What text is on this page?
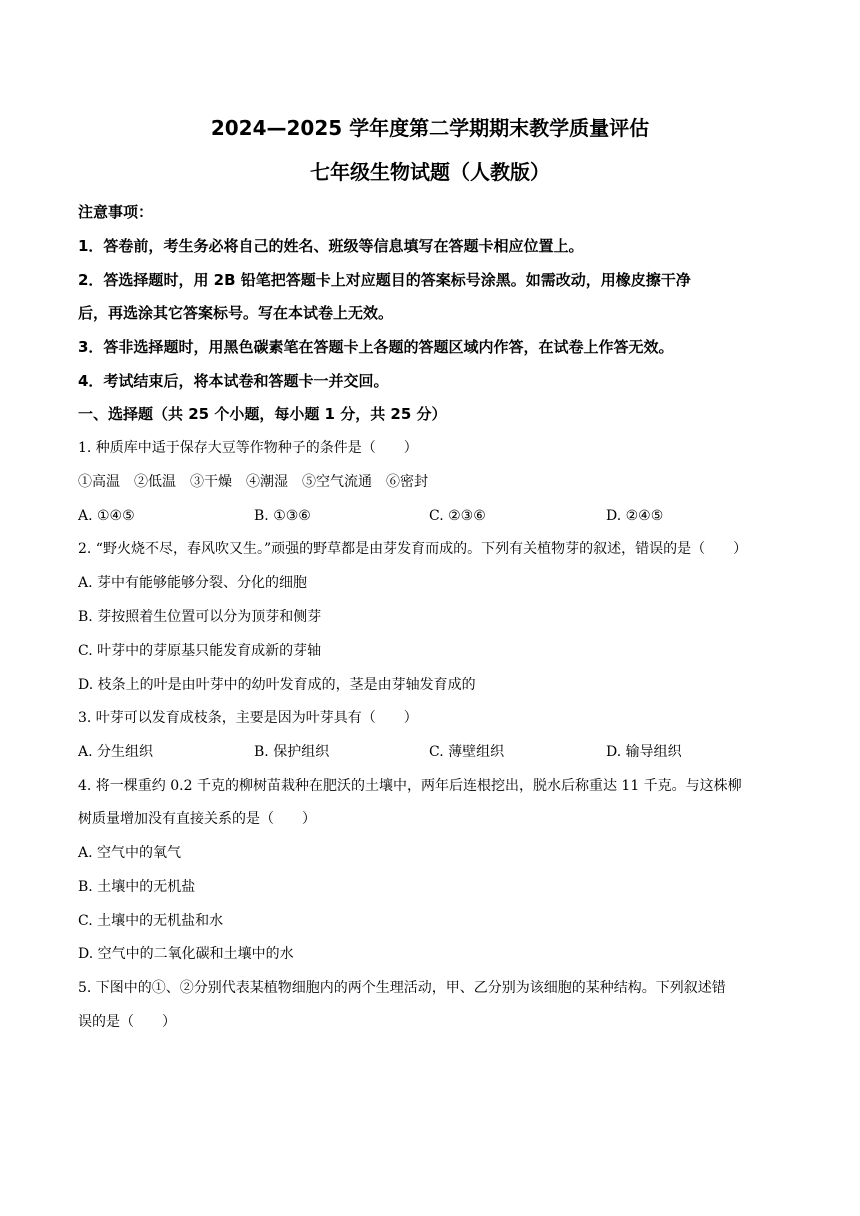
2024—2025 学年度第二学期期末教学质量评估
七年级生物试题（人教版）
注意事项：
1．答卷前，考生务必将自己的姓名、班级等信息填写在答题卡相应位置上。
2．答选择题时，用 2B 铅笔把答题卡上对应题目的答案标号涂黑。如需改动，用橡皮擦干净
后，再选涂其它答案标号。写在本试卷上无效。
3．答非选择题时，用黑色碳素笔在答题卡上各题的答题区域内作答，在试卷上作答无效。
4．考试结束后，将本试卷和答题卡一并交回。
一、选择题（共 25 个小题，每小题 1 分，共 25 分）
1. 种质库中适于保存大豆等作物种子的条件是（　　）
①高温　②低温　③干燥　④潮湿　⑤空气流通　⑥密封
A. ①④⑤	B. ①③⑥	C. ②③⑥	D. ②④⑤
2. “野火烧不尽，春风吹又生。”顽强的野草都是由芽发育而成的。下列有关植物芽的叙述，错误的是（　　）
A. 芽中有能够能够分裂、分化的细胞
B. 芽按照着生位置可以分为顶芽和侧芽
C. 叶芽中的芽原基只能发育成新的芽轴
D. 枝条上的叶是由叶芽中的幼叶发育成的，茎是由芽轴发育成的
3. 叶芽可以发育成枝条，主要是因为叶芽具有（　　）
A. 分生组织	B. 保护组织	C. 薄壁组织	D. 输导组织
4. 将一棵重约 0.2 千克的柳树苗栽种在肥沃的土壤中，两年后连根挖出，脱水后称重达 11 千克。与这株柳
树质量增加没有直接关系的是（　　）
A. 空气中的氧气
B. 土壤中的无机盐
C. 土壤中的无机盐和水
D. 空气中的二氧化碳和土壤中的水
5. 下图中的①、②分别代表某植物细胞内的两个生理活动，甲、乙分别为该细胞的某种结构。下列叙述错
误的是（　　）
